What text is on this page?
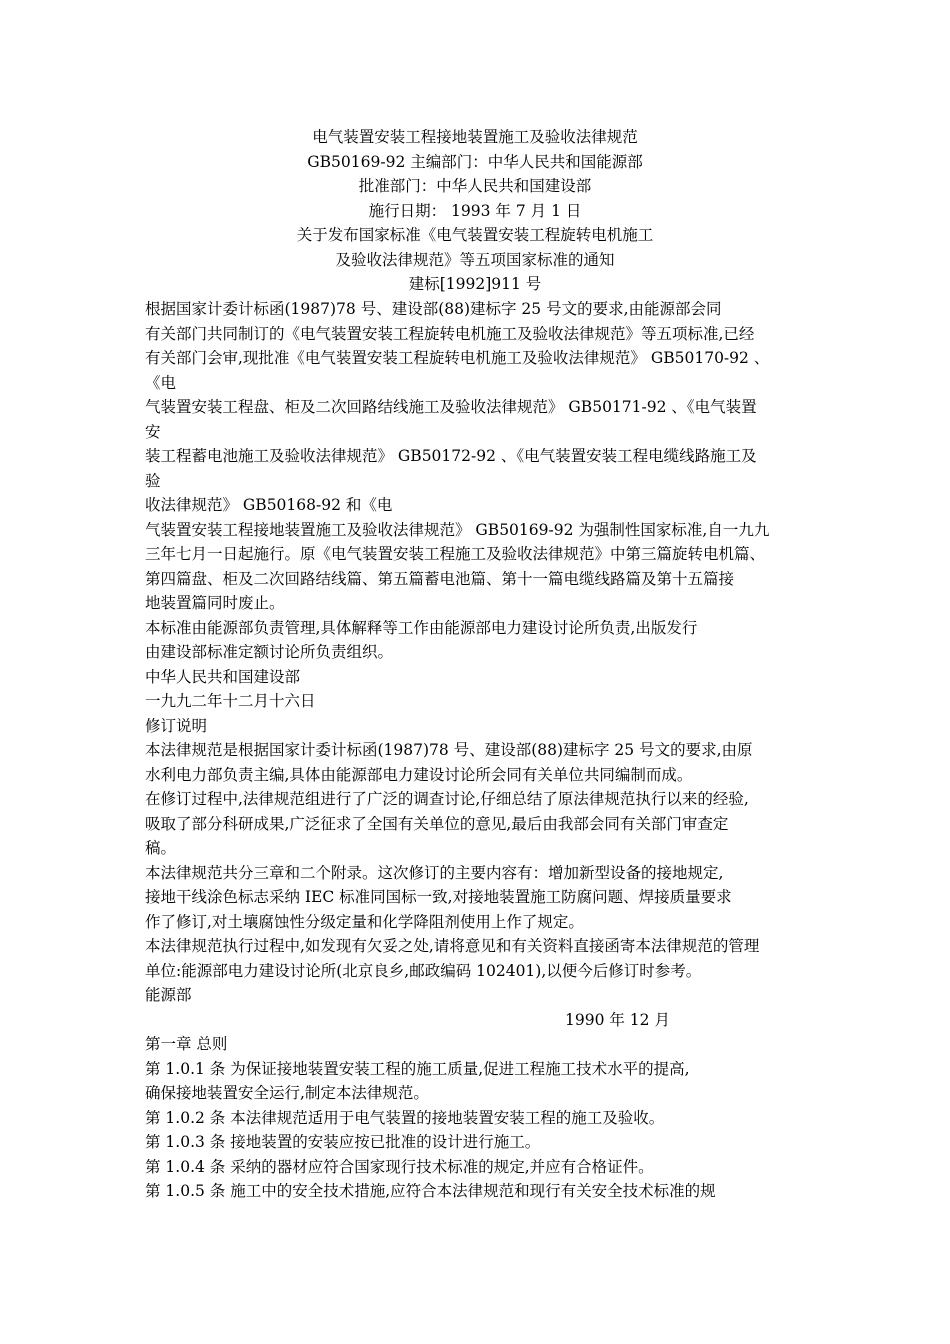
电气装置安装工程接地装置施工及验收法律规范
GB50169-92 主编部门：中华人民共和国能源部
批准部门：中华人民共和国建设部
施行日期： 1993 年 7 月 1 日
关于发布国家标准《电气装置安装工程旋转电机施工
及验收法律规范》等五项国家标准的通知
建标[1992]911 号
根据国家计委计标函(1987)78 号、建设部(88)建标字 25 号文的要求,由能源部会同
有关部门共同制订的《电气装置安装工程旋转电机施工及验收法律规范》等五项标准,已经
有关部门会审,现批准《电气装置安装工程旋转电机施工及验收法律规范》 GB50170-92 、
《电
气装置安装工程盘、柜及二次回路结线施工及验收法律规范》 GB50171-92 、《电气装置
安
装工程蓄电池施工及验收法律规范》 GB50172-92 、《电气装置安装工程电缆线路施工及
验
收法律规范》 GB50168-92 和《电
气装置安装工程接地装置施工及验收法律规范》 GB50169-92 为强制性国家标准,自一九九
三年七月一日起施行。原《电气装置安装工程施工及验收法律规范》中第三篇旋转电机篇、
第四篇盘、柜及二次回路结线篇、第五篇蓄电池篇、第十一篇电缆线路篇及第十五篇接
地装置篇同时废止。
本标准由能源部负责管理,具体解释等工作由能源部电力建设讨论所负责,出版发行
由建设部标准定额讨论所负责组织。
中华人民共和国建设部
一九九二年十二月十六日
修订说明
本法律规范是根据国家计委计标函(1987)78 号、建设部(88)建标字 25 号文的要求,由原
水利电力部负责主编,具体由能源部电力建设讨论所会同有关单位共同编制而成。
在修订过程中,法律规范组进行了广泛的调查讨论,仔细总结了原法律规范执行以来的经验,
吸取了部分科研成果,广泛征求了全国有关单位的意见,最后由我部会同有关部门审查定
稿。
本法律规范共分三章和二个附录。这次修订的主要内容有：增加新型设备的接地规定,
接地干线涂色标志采纳 IEC 标准同国标一致,对接地装置施工防腐问题、焊接质量要求
作了修订,对土壤腐蚀性分级定量和化学降阻剂使用上作了规定。
本法律规范执行过程中,如发现有欠妥之处,请将意见和有关资料直接函寄本法律规范的管理
单位:能源部电力建设讨论所(北京良乡,邮政编码 102401),以便今后修订时参考。
能源部
1990 年 12 月
第一章 总则
第 1.0.1 条 为保证接地装置安装工程的施工质量,促进工程施工技术水平的提高,
确保接地装置安全运行,制定本法律规范。
第 1.0.2 条 本法律规范适用于电气装置的接地装置安装工程的施工及验收。
第 1.0.3 条 接地装置的安装应按已批准的设计进行施工。
第 1.0.4 条 采纳的器材应符合国家现行技术标准的规定,并应有合格证件。
第 1.0.5 条 施工中的安全技术措施,应符合本法律规范和现行有关安全技术标准的规
